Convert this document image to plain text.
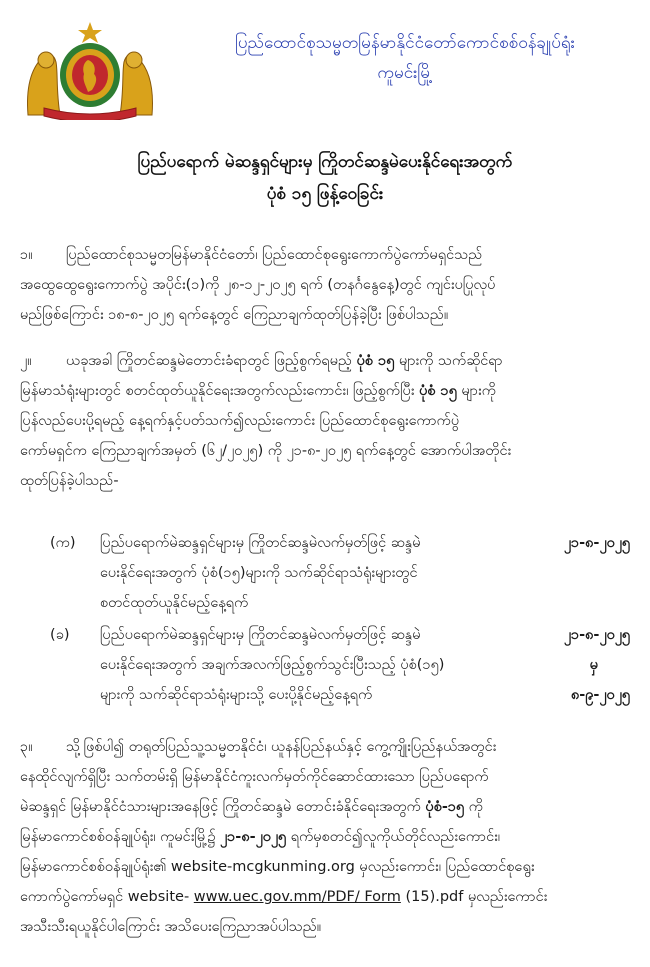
ပြည်ထောင်စုသမ္မတမြန်မာနိုင်ငံတော်ကောင်စစ်ဝန်ချုပ်ရုံး
ကူမင်းမြို့
ပြည်ပရောက် မဲဆန္ဒရှင်များမှ ကြိုတင်ဆန္ဒမဲပေးနိုင်ရေးအတွက်
ပုံစံ ၁၅ ဖြန့်ဝေခြင်း
၁။ ပြည်ထောင်စုသမ္မတမြန်မာနိုင်ငံတော်၊ ပြည်ထောင်စုရွေးကောက်ပွဲကော်မရှင်သည်
အထွေထွေရွေးကောက်ပွဲ အပိုင်း(၁)ကို ၂၈-၁၂-၂၀၂၅ ရက် (တနင်္ဂနွေနေ့)တွင် ကျင်းပပြုလုပ်
မည်ဖြစ်ကြောင်း ၁၈-၈-၂၀၂၅ ရက်နေ့တွင် ကြေညာချက်ထုတ်ပြန်ခဲ့ပြီး ဖြစ်ပါသည်။
၂။ ယခုအခါ ကြိုတင်ဆန္ဒမဲတောင်းခံရာတွင် ဖြည့်စွက်ရမည့် ပုံစံ ၁၅ များကို သက်ဆိုင်ရာ
မြန်မာသံရုံးများတွင် စတင်ထုတ်ယူနိုင်ရေးအတွက်လည်းကောင်း၊ ဖြည့်စွက်ပြီး ပုံစံ ၁၅ များကို
ပြန်လည်ပေးပို့ရမည့် နေ့ရက်နှင့်ပတ်သက်၍လည်းကောင်း ပြည်ထောင်စုရွေးကောက်ပွဲ
ကော်မရှင်က ကြေညာချက်အမှတ် (၆၂/၂၀၂၅) ကို ၂၁-၈-၂၀၂၅ ရက်နေ့တွင် အောက်ပါအတိုင်း
ထုတ်ပြန်ခဲ့ပါသည်-
(က) ပြည်ပရောက်မဲဆန္ဒရှင်များမှ ကြိုတင်ဆန္ဒမဲလက်မှတ်ဖြင့် ဆန္ဒမဲ	၂၁-၈-၂၀၂၅
ပေးနိုင်ရေးအတွက် ပုံစံ(၁၅)များကို သက်ဆိုင်ရာသံရုံးများတွင်
စတင်ထုတ်ယူနိုင်မည့်နေ့ရက်
(ခ) ပြည်ပရောက်မဲဆန္ဒရှင်များမှ ကြိုတင်ဆန္ဒမဲလက်မှတ်ဖြင့် ဆန္ဒမဲ	၂၁-၈-၂၀၂၅
ပေးနိုင်ရေးအတွက် အချက်အလက်ဖြည့်စွက်သွင်းပြီးသည့် ပုံစံ(၁၅)	မှ
များကို သက်ဆိုင်ရာသံရုံးများသို့ ပေးပို့နိုင်မည့်နေ့ရက်	၈-၉-၂၀၂၅
၃။ သို့ဖြစ်ပါ၍ တရုတ်ပြည်သူ့သမ္မတနိုင်ငံ၊ ယူနန်ပြည်နယ်နှင့် ကွေ့ကျိုးပြည်နယ်အတွင်း
နေထိုင်လျက်ရှိပြီး သက်တမ်းရှိ မြန်မာနိုင်ငံကူးလက်မှတ်ကိုင်ဆောင်ထားသော ပြည်ပရောက်
မဲဆန္ဒရှင် မြန်မာနိုင်ငံသားများအနေဖြင့် ကြိုတင်ဆန္ဒမဲ တောင်းခံနိုင်ရေးအတွက် ပုံစံ-၁၅ ကို
မြန်မာကောင်စစ်ဝန်ချုပ်ရုံး၊ ကူမင်းမြို့၌ ၂၁-၈-၂၀၂၅ ရက်မှစတင်၍လူကိုယ်တိုင်လည်းကောင်း၊
မြန်မာကောင်စစ်ဝန်ချုပ်ရုံး၏ website-mcgkunming.org မှလည်းကောင်း၊ ပြည်ထောင်စုရွေး
ကောက်ပွဲကော်မရှင် website- www.uec.gov.mm/PDF/ Form (15).pdf မှလည်းကောင်း
အသီးသီးရယူနိုင်ပါကြောင်း အသိပေးကြေညာအပ်ပါသည်။
